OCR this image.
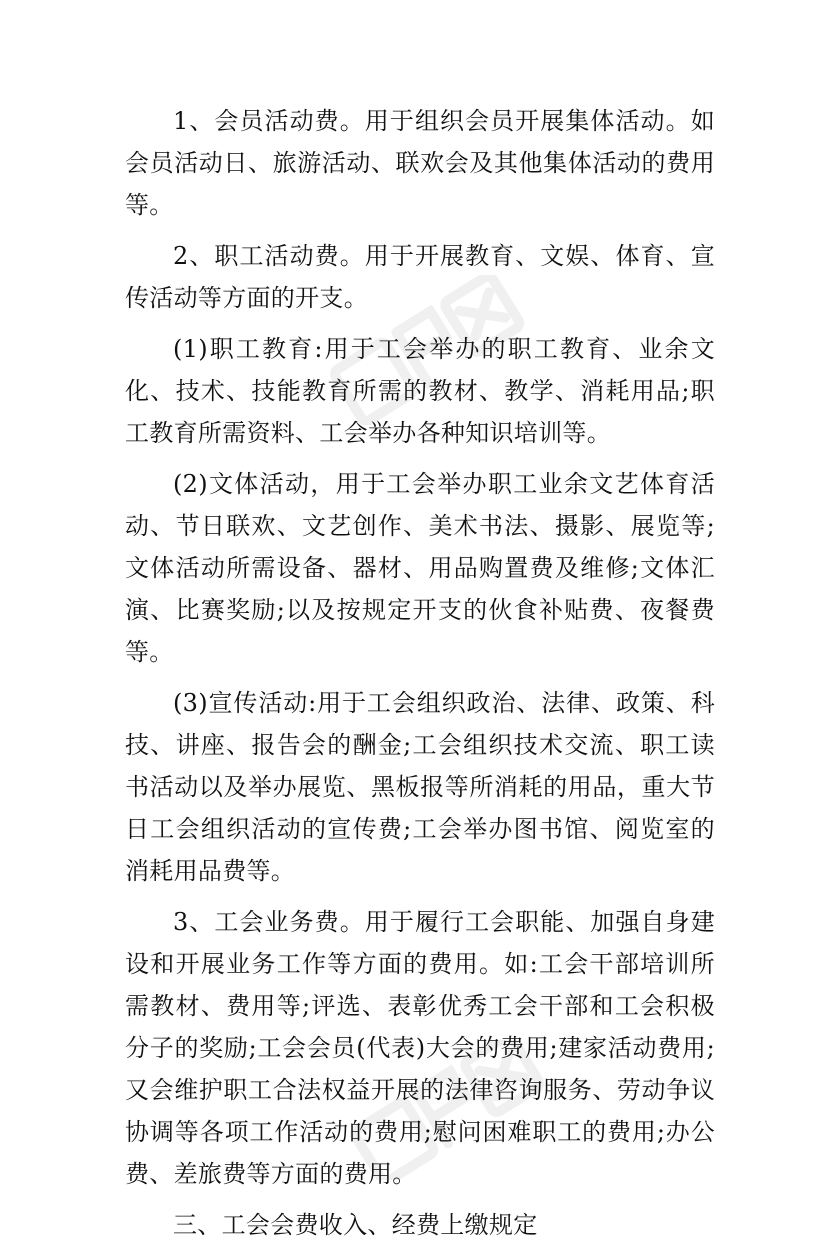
1、会员活动费。用于组织会员开展集体活动。如会员活动日、旅游活动、联欢会及其他集体活动的费用等。

2、职工活动费。用于开展教育、文娱、体育、宣传活动等方面的开支。

(1)职工教育:用于工会举办的职工教育、业余文化、技术、技能教育所需的教材、教学、消耗用品;职工教育所需资料、工会举办各种知识培训等。

(2)文体活动，用于工会举办职工业余文艺体育活动、节日联欢、文艺创作、美术书法、摄影、展览等;文体活动所需设备、器材、用品购置费及维修;文体汇演、比赛奖励;以及按规定开支的伙食补贴费、夜餐费等。

(3)宣传活动:用于工会组织政治、法律、政策、科技、讲座、报告会的酬金;工会组织技术交流、职工读书活动以及举办展览、黑板报等所消耗的用品，重大节日工会组织活动的宣传费;工会举办图书馆、阅览室的消耗用品费等。

3、工会业务费。用于履行工会职能、加强自身建设和开展业务工作等方面的费用。如:工会干部培训所需教材、费用等;评选、表彰优秀工会干部和工会积极分子的奖励;工会会员(代表)大会的费用;建家活动费用;又会维护职工合法权益开展的法律咨询服务、劳动争议协调等各项工作活动的费用;慰问困难职工的费用;办公费、差旅费等方面的费用。

三、工会会费收入、经费上缴规定
